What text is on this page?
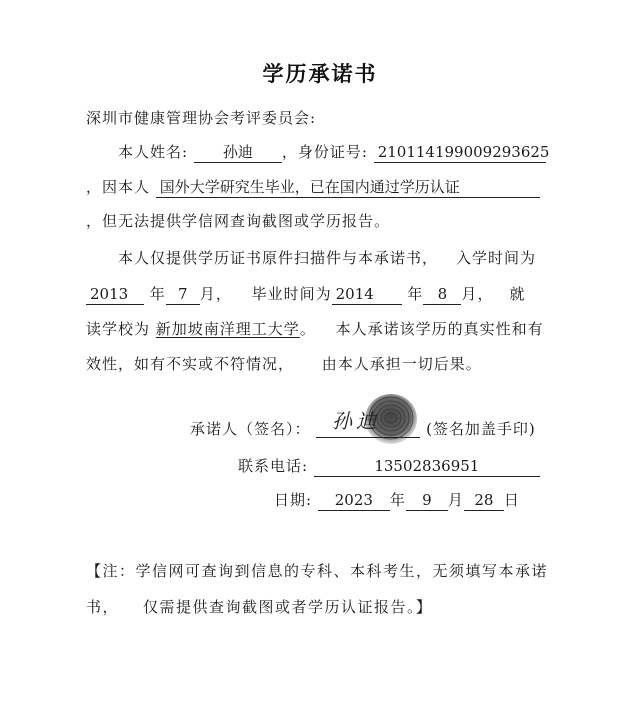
学历承诺书
深圳市健康管理协会考评委员会:
本人姓名: 孙迪 ，身份证号: 210114199009293625
，因本人 国外大学研究生毕业，已在国内通过学历认证
，但无法提供学信网查询截图或学历报告。
本人仅提供学历证书原件扫描件与本承诺书， 入学时间为
2013 年 7 月， 毕业时间为 2014 年 8 月， 就
读学校为 新加坡南洋理工大学。 本人承诺该学历的真实性和有
效性，如有不实或不符情况， 由本人承担一切后果。
承诺人（签名）：	(签名加盖手印)
孙迪
联系电话:	13502836951
日期: 2023 年 9 月 28 日
【注：学信网可查询到信息的专科、本科考生，无须填写本承诺
书， 仅需提供查询截图或者学历认证报告。】
